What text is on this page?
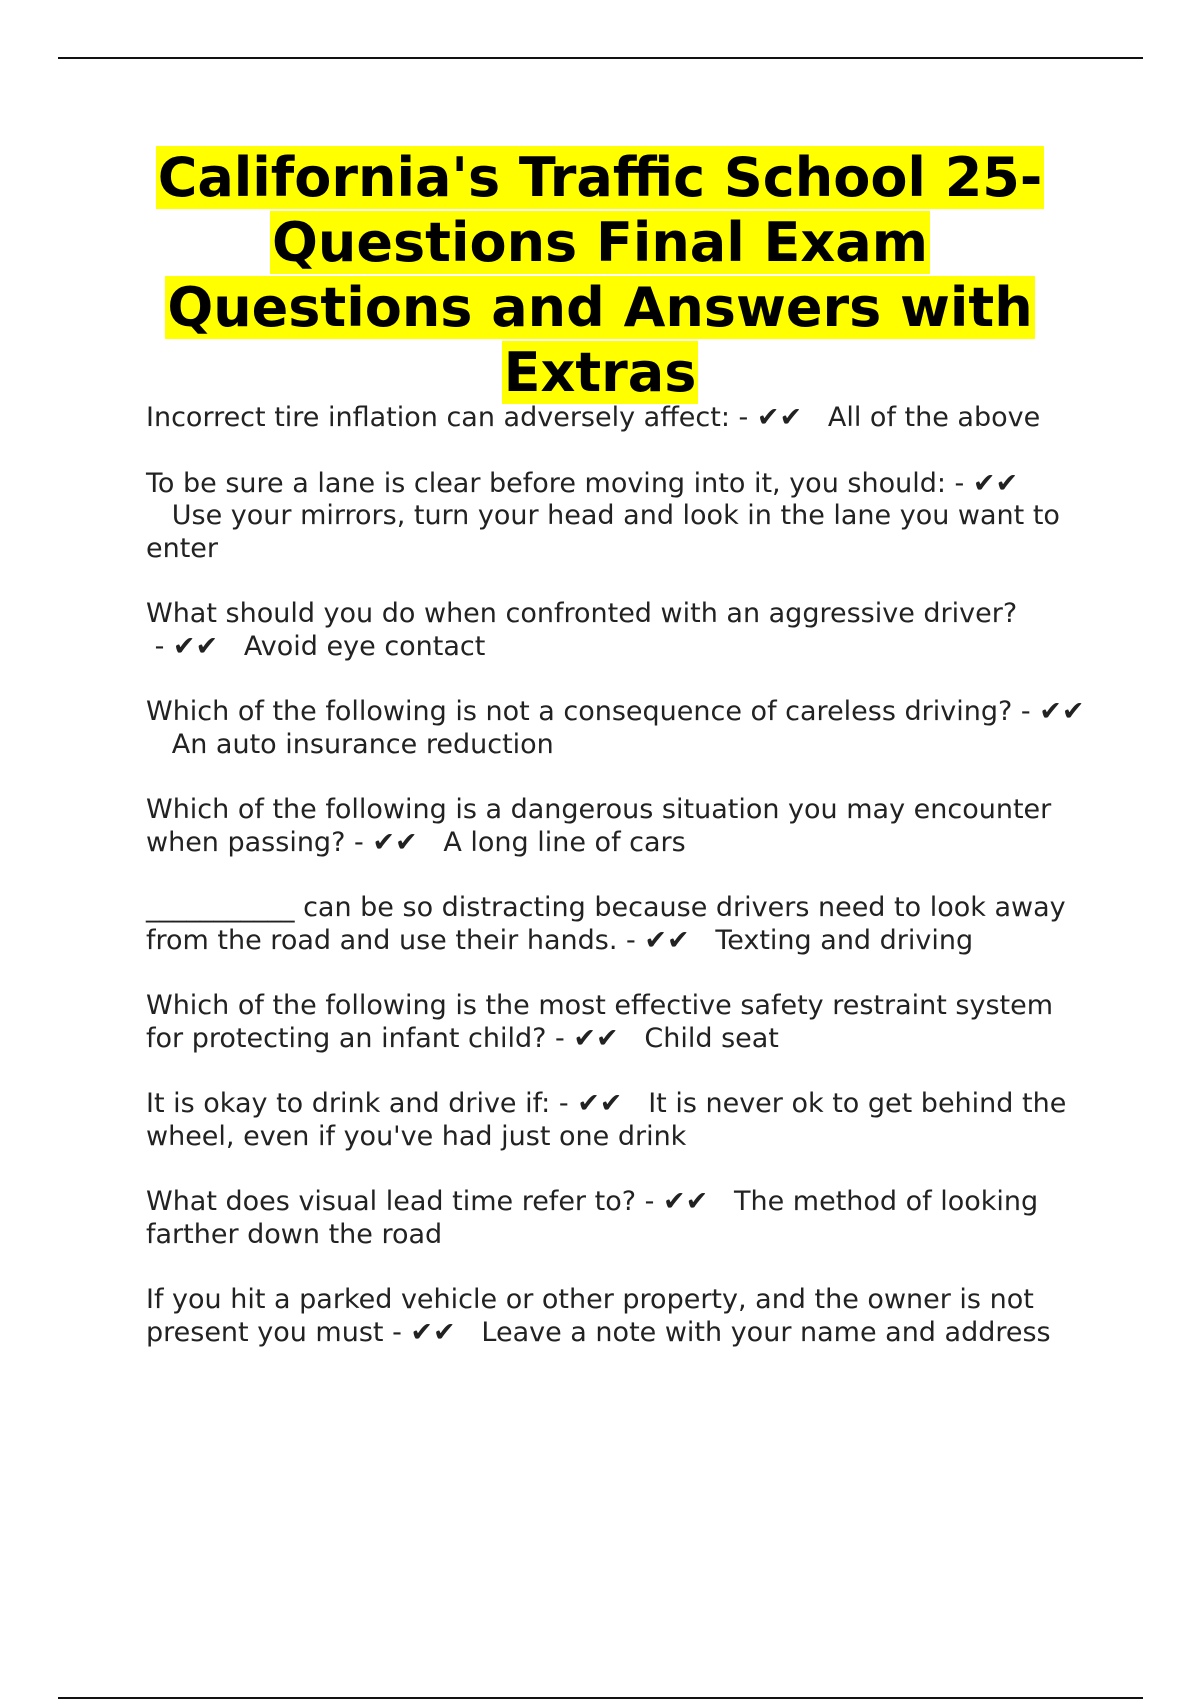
California's Traffic School 25-Questions Final Exam Questions and Answers with Extras
Incorrect tire inflation can adversely affect: - ✔✔ All of the above
To be sure a lane is clear before moving into it, you should: - ✔✔   Use your mirrors, turn your head and look in the lane you want to enter
What should you do when confronted with an aggressive driver? - ✔✔ Avoid eye contact
Which of the following is not a consequence of careless driving? - ✔✔   An auto insurance reduction
Which of the following is a dangerous situation you may encounter when passing? - ✔✔ A long line of cars
___________ can be so distracting because drivers need to look away from the road and use their hands. - ✔✔ Texting and driving
Which of the following is the most effective safety restraint system for protecting an infant child? - ✔✔ Child seat
It is okay to drink and drive if: - ✔✔ It is never ok to get behind the wheel, even if you've had just one drink
What does visual lead time refer to? - ✔✔ The method of looking farther down the road
If you hit a parked vehicle or other property, and the owner is not present you must - ✔✔ Leave a note with your name and address
